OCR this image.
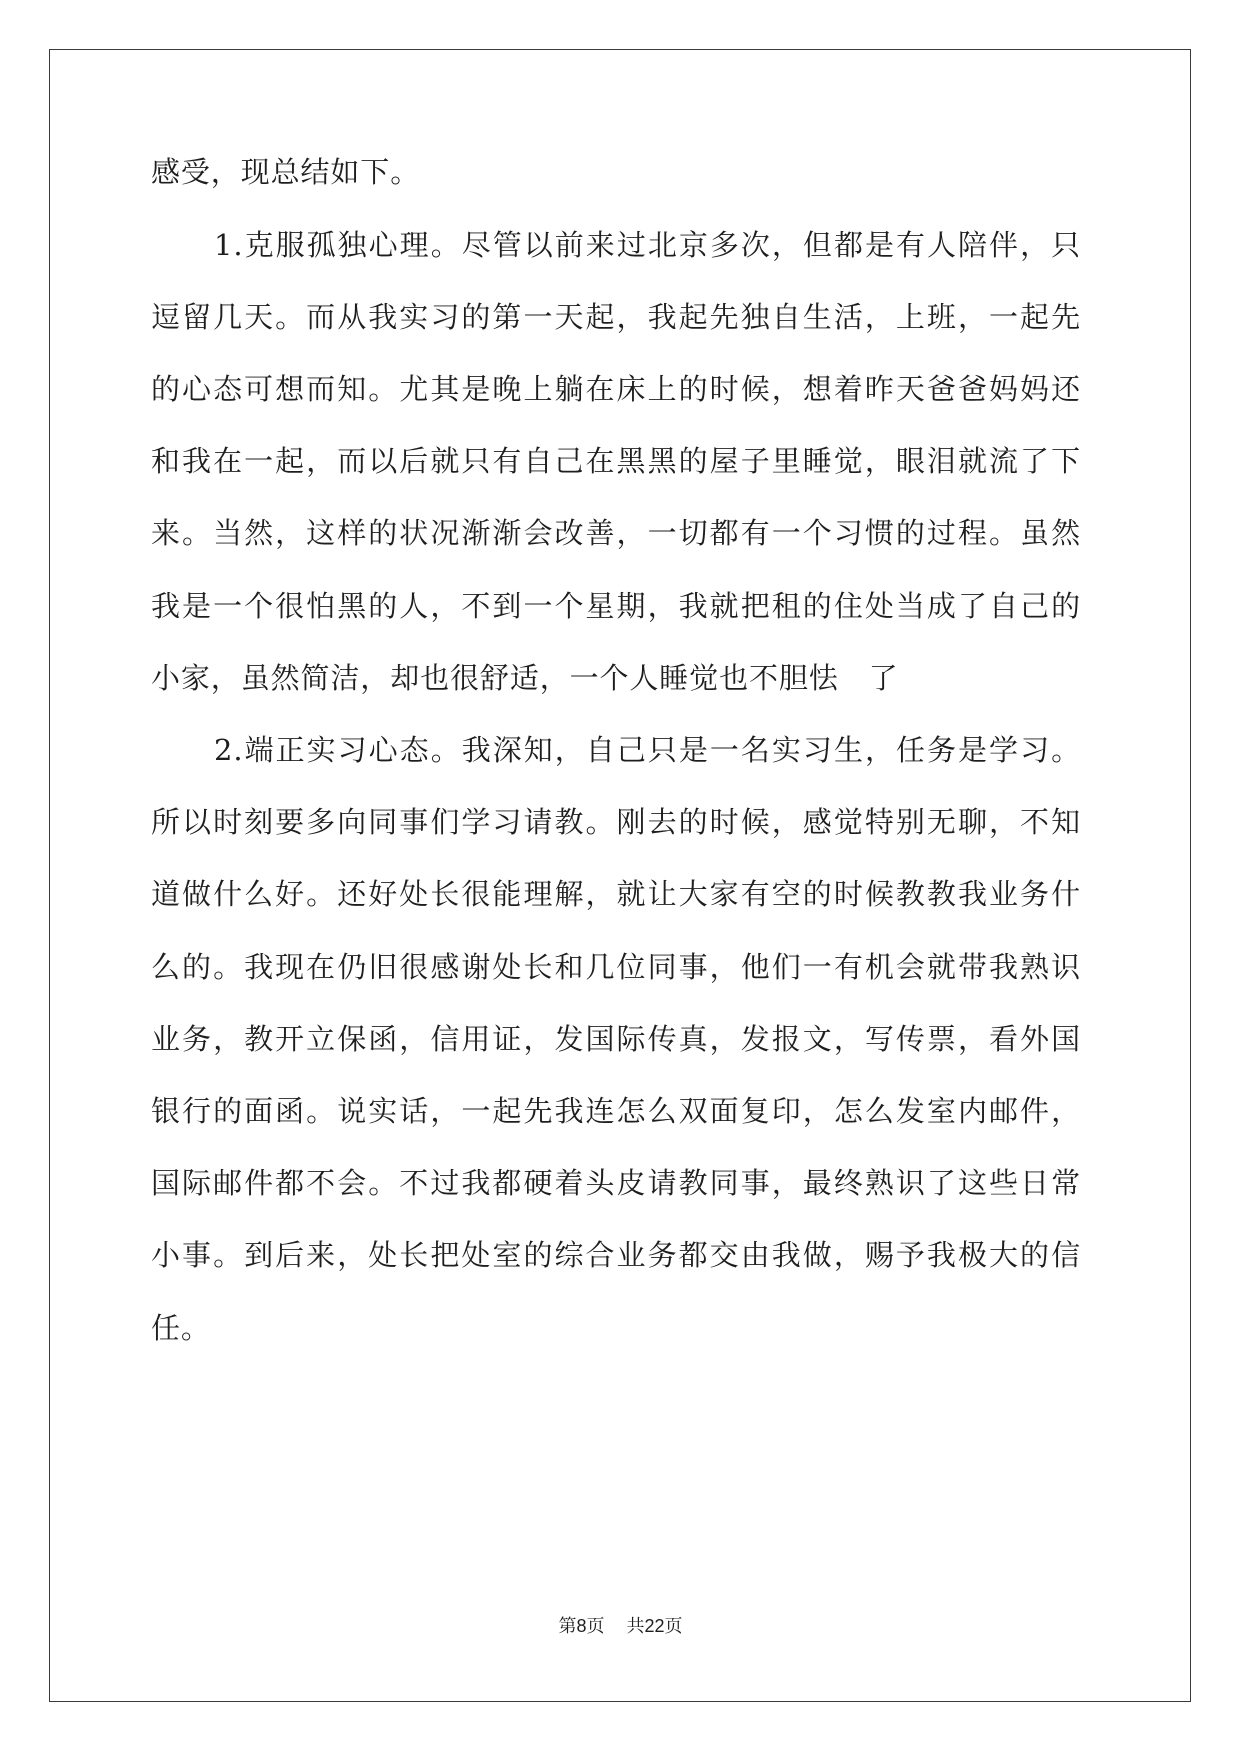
感受，现总结如下。
1.克服孤独心理。尽管以前来过北京多次，但都是有人陪伴，只
逗留几天。而从我实习的第一天起，我起先独自生活，上班，一起先
的心态可想而知。尤其是晚上躺在床上的时候，想着昨天爸爸妈妈还
和我在一起，而以后就只有自己在黑黑的屋子里睡觉，眼泪就流了下
来。当然，这样的状况渐渐会改善，一切都有一个习惯的过程。虽然
我是一个很怕黑的人，不到一个星期，我就把租的住处当成了自己的
小家，虽然简洁，却也很舒适，一个人睡觉也不胆怯　了
2.端正实习心态。我深知，自己只是一名实习生，任务是学习。
所以时刻要多向同事们学习请教。刚去的时候，感觉特别无聊，不知
道做什么好。还好处长很能理解，就让大家有空的时候教教我业务什
么的。我现在仍旧很感谢处长和几位同事，他们一有机会就带我熟识
业务，教开立保函，信用证，发国际传真，发报文，写传票，看外国
银行的面函。说实话，一起先我连怎么双面复印，怎么发室内邮件，
国际邮件都不会。不过我都硬着头皮请教同事，最终熟识了这些日常
小事。到后来，处长把处室的综合业务都交由我做，赐予我极大的信
任。
第8页 共22页
